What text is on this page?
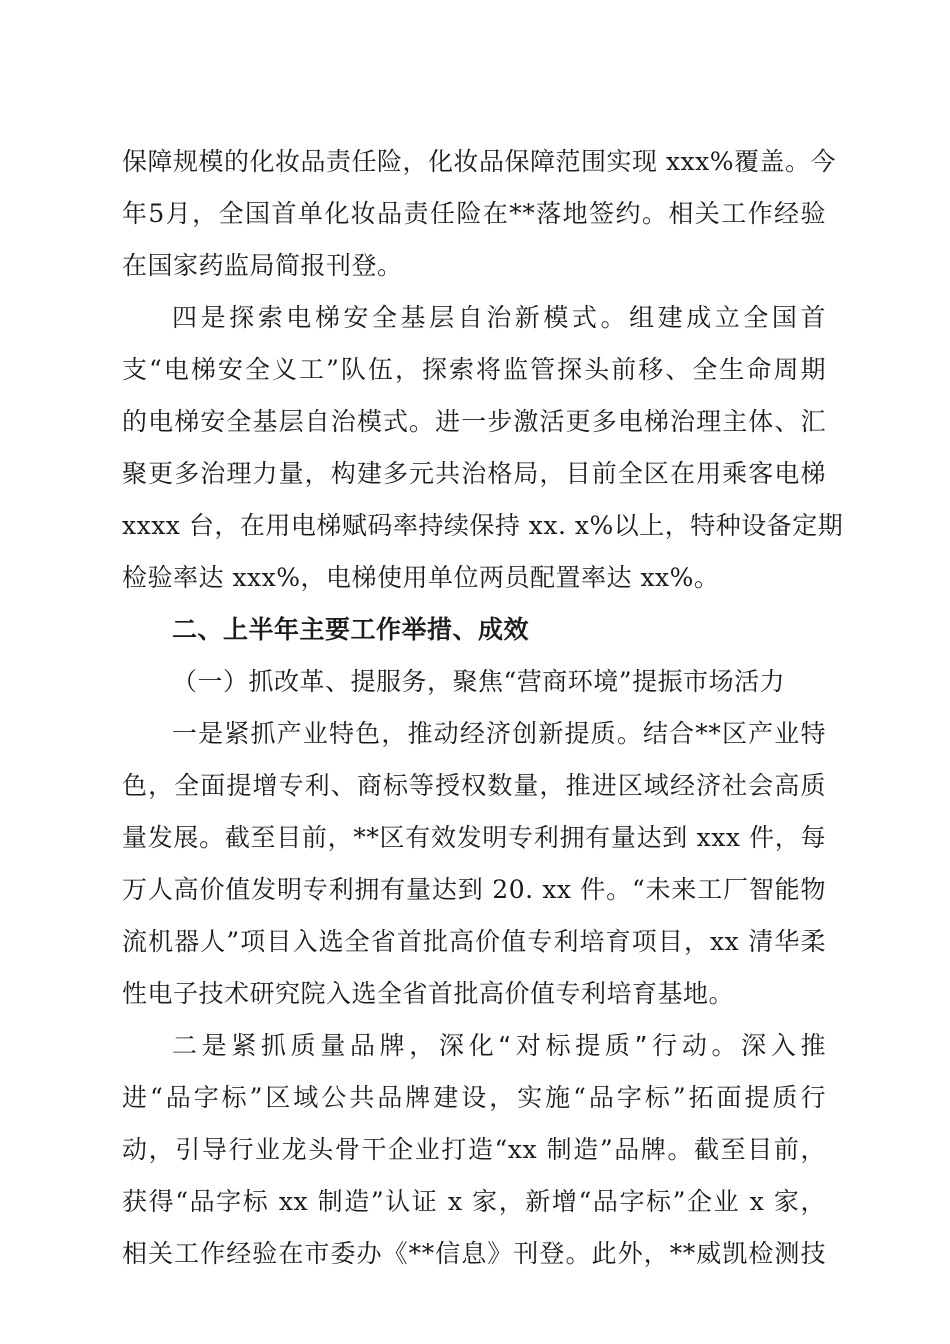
保障规模的化妆品责任险，化妆品保障范围实现 xxx%覆盖。今
年5月，全国首单化妆品责任险在**落地签约。相关工作经验
在国家药监局简报刊登。
四是探索电梯安全基层自治新模式。组建成立全国首
支“电梯安全义工”队伍，探索将监管探头前移、全生命周期
的电梯安全基层自治模式。进一步激活更多电梯治理主体、汇
聚更多治理力量，构建多元共治格局，目前全区在用乘客电梯
xxxx 台，在用电梯赋码率持续保持 xx. x%以上，特种设备定期
检验率达 xxx%，电梯使用单位两员配置率达 xx%。
二、上半年主要工作举措、成效
（一）抓改革、提服务，聚焦“营商环境”提振市场活力
一是紧抓产业特色，推动经济创新提质。结合**区产业特
色，全面提增专利、商标等授权数量，推进区域经济社会高质
量发展。截至目前，**区有效发明专利拥有量达到 xxx 件，每
万人高价值发明专利拥有量达到 20. xx 件。“未来工厂智能物
流机器人”项目入选全省首批高价值专利培育项目，xx 清华柔
性电子技术研究院入选全省首批高价值专利培育基地。
二是紧抓质量品牌，深化“对标提质”行动。深入推
进“品字标”区域公共品牌建设，实施“品字标”拓面提质行
动，引导行业龙头骨干企业打造“xx 制造”品牌。截至目前，
获得“品字标 xx 制造”认证 x 家，新增“品字标”企业 x 家，
相关工作经验在市委办《**信息》刊登。此外，**威凯检测技
